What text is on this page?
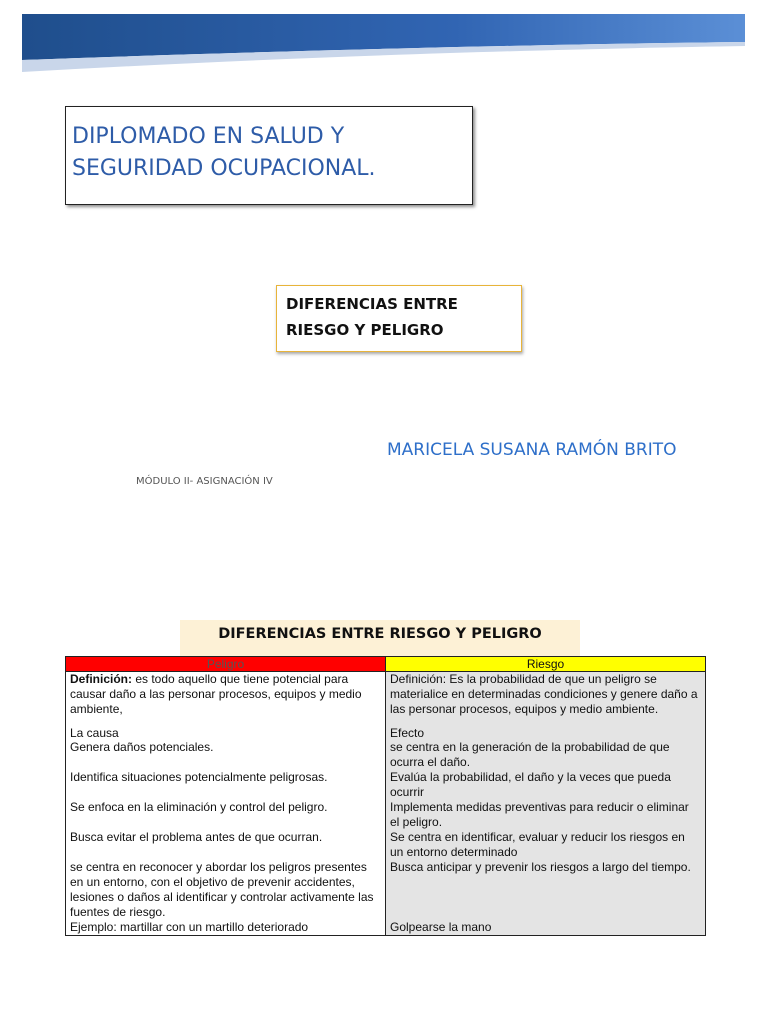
DIPLOMADO EN SALUD Y SEGURIDAD OCUPACIONAL.
DIFERENCIAS ENTRE RIESGO Y PELIGRO
MARICELA SUSANA RAMÓN BRITO
MÓDULO II- ASIGNACIÓN IV
DIFERENCIAS ENTRE RIESGO Y PELIGRO
Peligro	Riesgo

Definición: es todo aquello que tiene potencial para causar daño a las personar procesos, equipos y medio ambiente,	Definición: Es la probabilidad de que un peligro se materialice en determinadas condiciones y genere daño a las personar procesos, equipos y medio ambiente.

La causa	Efecto

Genera daños potenciales.	se centra en la generación de la probabilidad de que ocurra el daño.

Identifica situaciones potencialmente peligrosas.	Evalúa la probabilidad, el daño y la veces que pueda ocurrir

Se enfoca en la eliminación y control del peligro.	Implementa medidas preventivas para reducir o eliminar el peligro.

Busca evitar el problema antes de que ocurran.	Se centra en identificar, evaluar y reducir los riesgos en un entorno determinado

se centra en reconocer y abordar los peligros presentes en un entorno, con el objetivo de prevenir accidentes, lesiones o daños al identificar y controlar activamente las fuentes de riesgo.	Busca anticipar y prevenir los riesgos a largo del tiempo.

Ejemplo: martillar con un martillo deteriorado	Golpearse la mano
